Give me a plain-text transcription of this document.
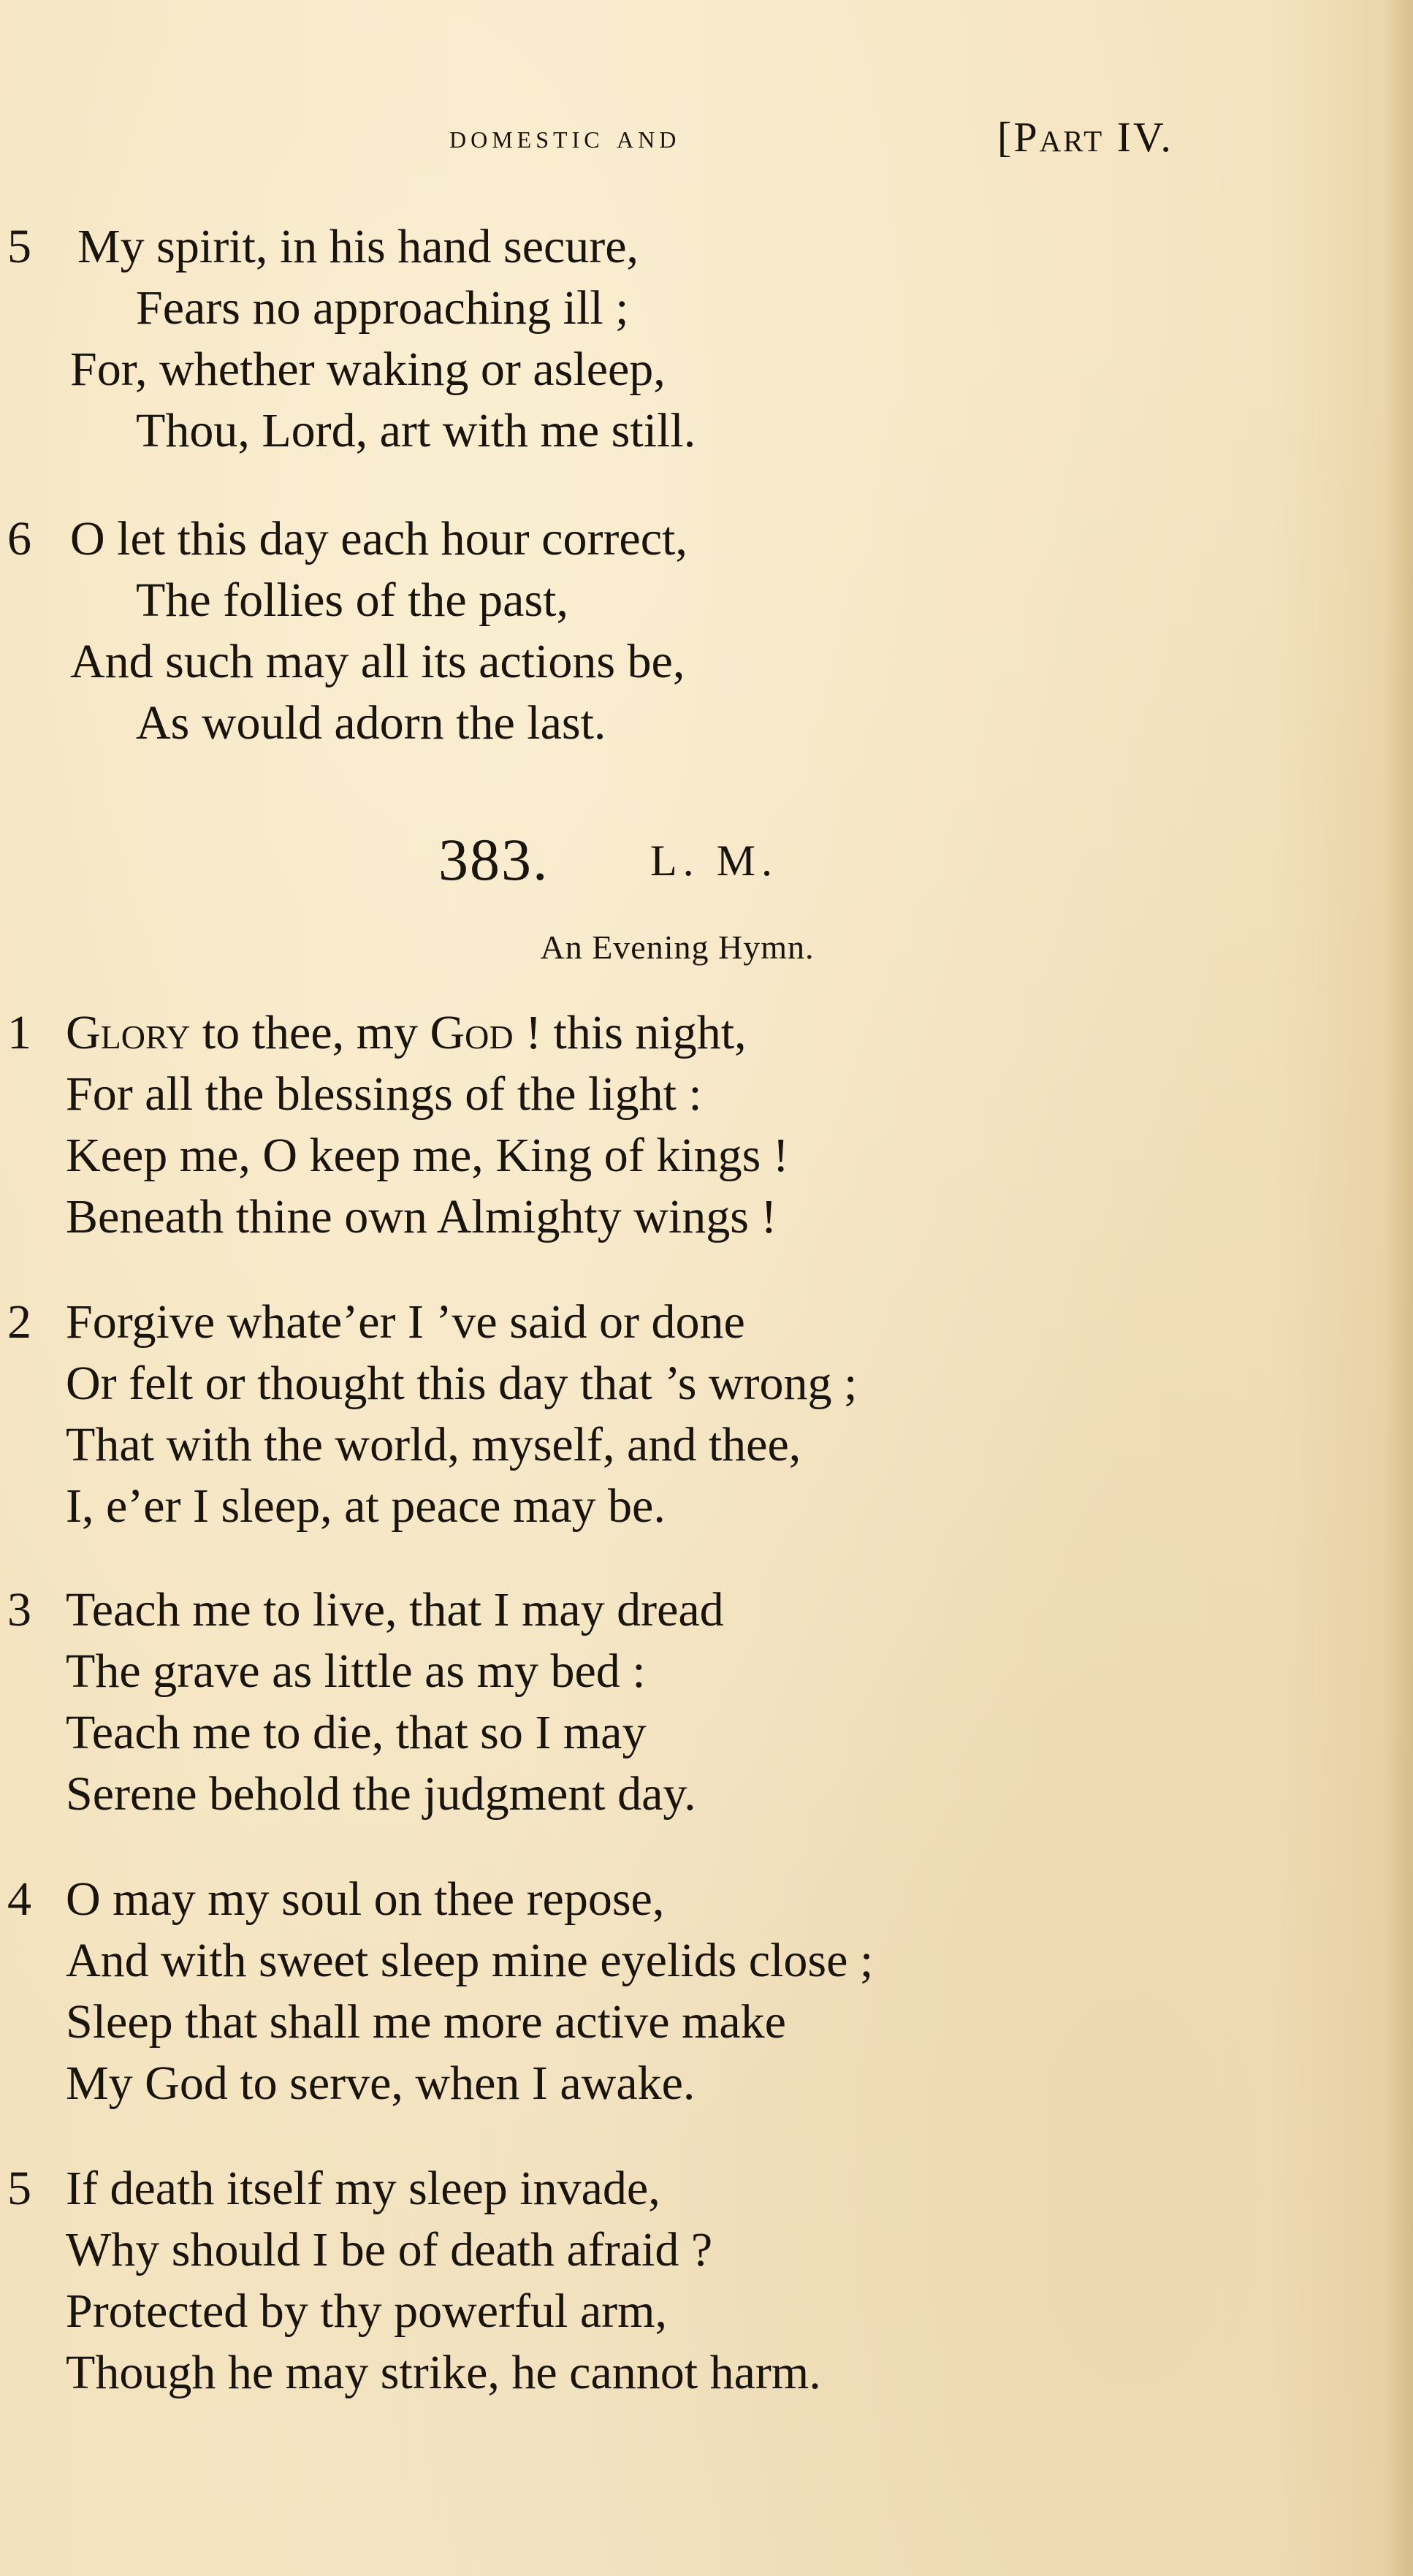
domestic and	[Part IV.
5 My spirit, in his hand secure,
Fears no approaching ill ;
For, whether waking or asleep,
Thou, Lord, art with me still.
6 O let this day each hour correct,
The follies of the past,
And such may all its actions be,
As would adorn the last.
383. L. M.
An Evening Hymn.
1 Glory to thee, my God ! this night,
For all the blessings of the light :
Keep me, O keep me, King of kings !
Beneath thine own Almighty wings !
2 Forgive whate’er I ’ve said or done
Or felt or thought this day that ’s wrong ;
That with the world, myself, and thee,
I, e’er I sleep, at peace may be.
3 Teach me to live, that I may dread
The grave as little as my bed :
Teach me to die, that so I may
Serene behold the judgment day.
4 O may my soul on thee repose,
And with sweet sleep mine eyelids close ;
Sleep that shall me more active make
My God to serve, when I awake.
5 If death itself my sleep invade,
Why should I be of death afraid ?
Protected by thy powerful arm,
Though he may strike, he cannot harm.
